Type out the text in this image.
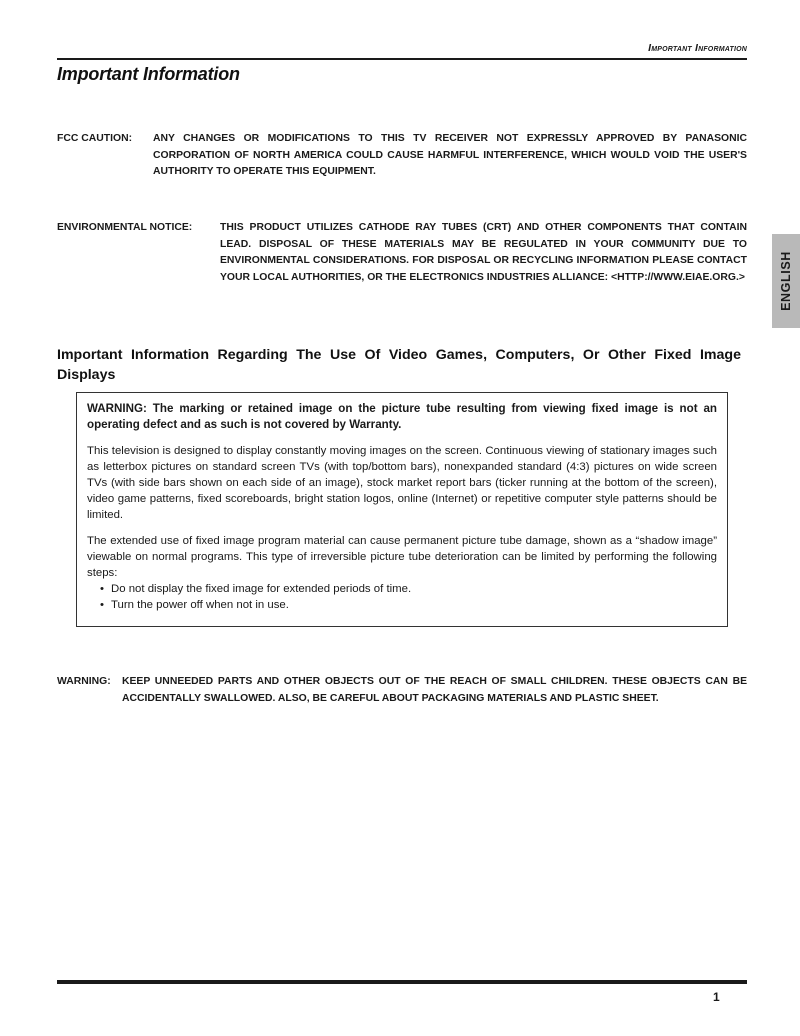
Important Information
Important Information
FCC CAUTION:	ANY CHANGES OR MODIFICATIONS TO THIS TV RECEIVER NOT EXPRESSLY APPROVED BY PANASONIC CORPORATION OF NORTH AMERICA COULD CAUSE HARMFUL INTERFERENCE, WHICH WOULD VOID THE USER'S AUTHORITY TO OPERATE THIS EQUIPMENT.
ENVIRONMENTAL NOTICE:	THIS PRODUCT UTILIZES CATHODE RAY TUBES (CRT) AND OTHER COMPONENTS THAT CONTAIN LEAD. DISPOSAL OF THESE MATERIALS MAY BE REGULATED IN YOUR COMMUNITY DUE TO ENVIRONMENTAL CONSIDERATIONS. FOR DISPOSAL OR RECYCLING INFORMATION PLEASE CONTACT YOUR LOCAL AUTHORITIES, OR THE ELECTRONICS INDUSTRIES ALLIANCE: <HTTP://WWW.EIAE.ORG.>	ENGLISH
Important Information Regarding The Use Of Video Games, Computers, Or Other Fixed Image Displays
WARNING: The marking or retained image on the picture tube resulting from viewing fixed image is not an operating defect and as such is not covered by Warranty.

This television is designed to display constantly moving images on the screen. Continuous viewing of stationary images such as letterbox pictures on standard screen TVs (with top/bottom bars), nonexpanded standard (4:3) pictures on wide screen TVs (with side bars shown on each side of an image), stock market report bars (ticker running at the bottom of the screen), video game patterns, fixed scoreboards, bright station logos, online (Internet) or repetitive computer style patterns should be limited.

The extended use of fixed image program material can cause permanent picture tube damage, shown as a “shadow image” viewable on normal programs. This type of irreversible picture tube deterioration can be limited by performing the following steps:

• Do not display the fixed image for extended periods of time.
• Turn the power off when not in use.
WARNING:	KEEP UNNEEDED PARTS AND OTHER OBJECTS OUT OF THE REACH OF SMALL CHILDREN. THESE OBJECTS CAN BE ACCIDENTALLY SWALLOWED. ALSO, BE CAREFUL ABOUT PACKAGING MATERIALS AND PLASTIC SHEET.
1
